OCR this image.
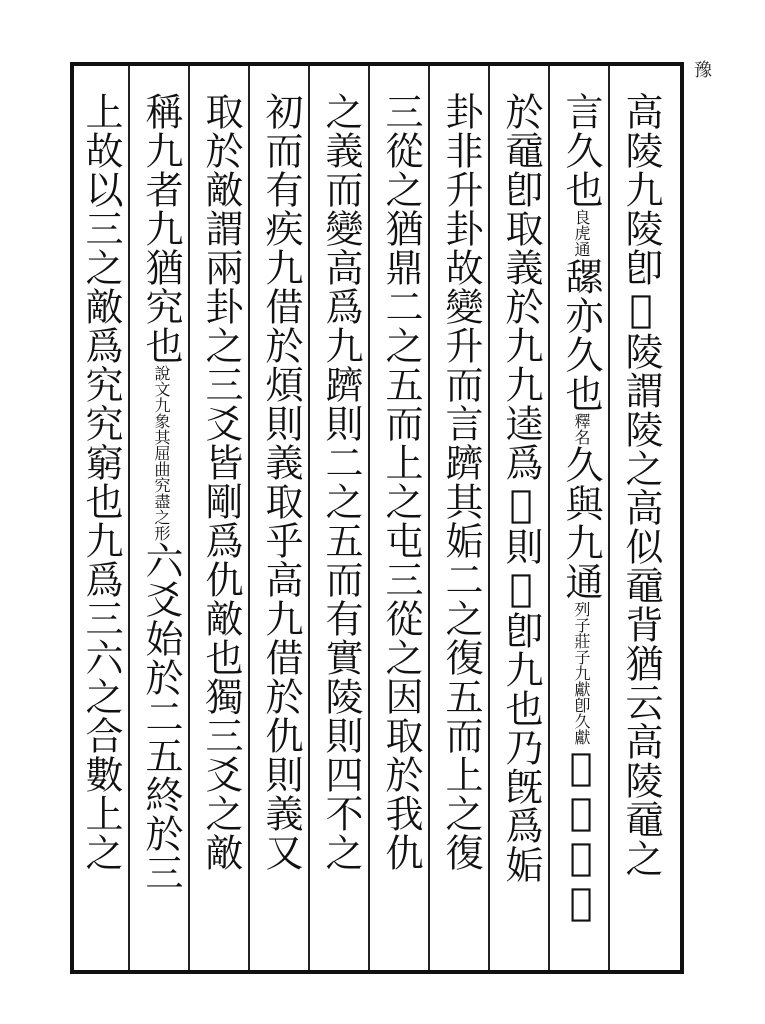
豫
高陵九陵卽𨺼陵謂陵之高似黿背猶云高陵黿之
言久也良虎通𦧲亦久也釋名久與九通列子莊子九獻卽久獻𨺼之取義
於黿卽取義於九九逵爲𨺼則𨺼卽九也乃旣爲姤
卦非升卦故變升而言躋其姤二之復五而上之復
三從之猶鼎二之五而上之屯三從之因取於我仇
之義而變高爲九躋則二之五而有實陵則四不之
初而有疾九借於煩則義取乎高九借於仇則義又
取於敵謂兩卦之三爻皆剛爲仇敵也獨三爻之敵
稱九者九猶究也說文九象其屈曲究盡之形六爻始於二五終於三
上故以三之敵爲究究窮也九爲三六之合數上之
